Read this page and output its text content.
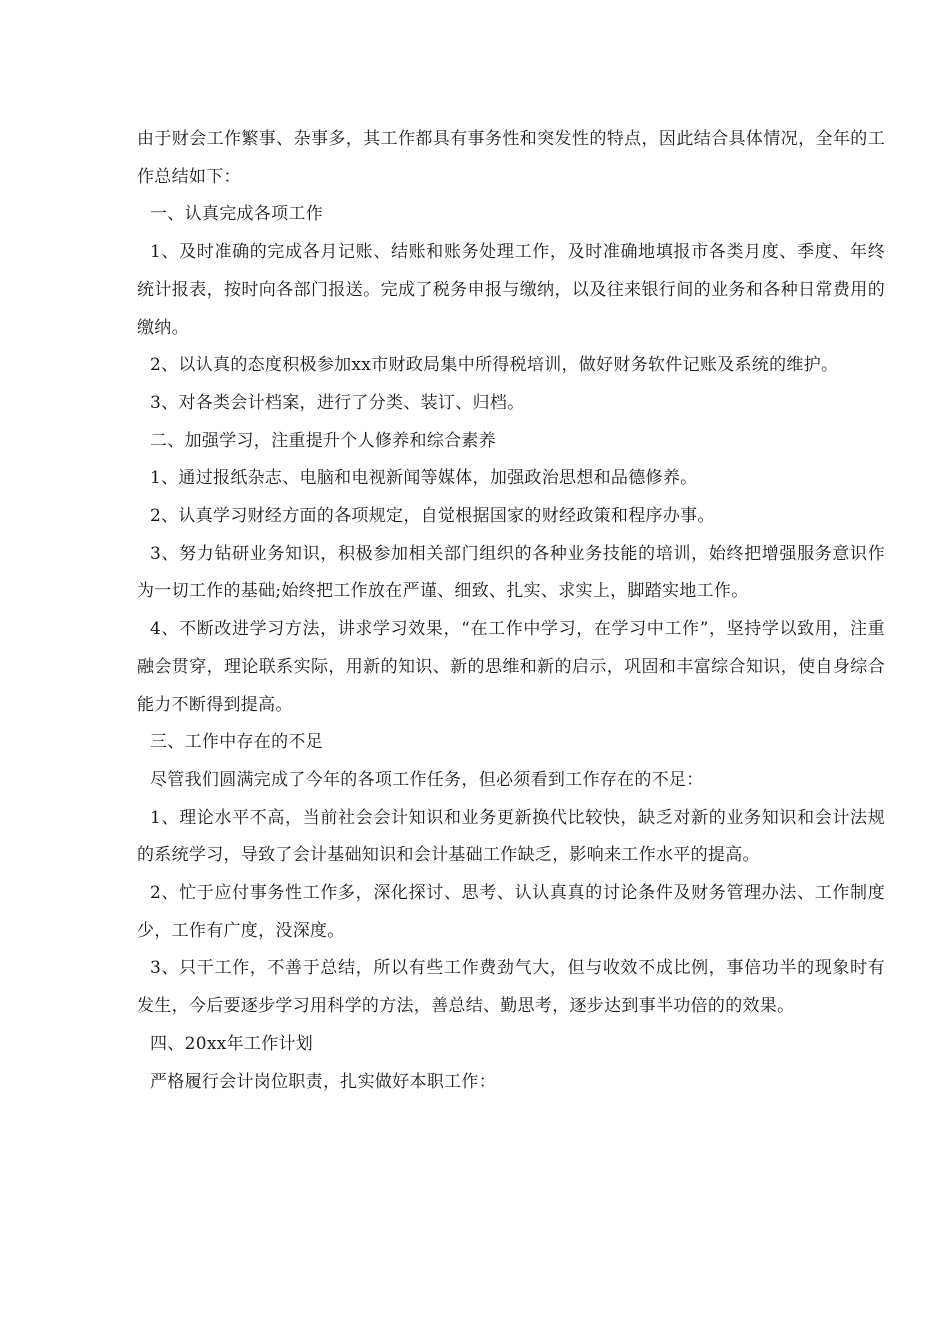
由于财会工作繁事、杂事多，其工作都具有事务性和突发性的特点，因此结合具体情况，全年的工作总结如下：

一、认真完成各项工作

1、及时准确的完成各月记账、结账和账务处理工作，及时准确地填报市各类月度、季度、年终统计报表，按时向各部门报送。完成了税务申报与缴纳，以及往来银行间的业务和各种日常费用的缴纳。

2、以认真的态度积极参加xx市财政局集中所得税培训，做好财务软件记账及系统的维护。

3、对各类会计档案，进行了分类、装订、归档。

二、加强学习，注重提升个人修养和综合素养

1、通过报纸杂志、电脑和电视新闻等媒体，加强政治思想和品德修养。

2、认真学习财经方面的各项规定，自觉根据国家的财经政策和程序办事。

3、努力钻研业务知识，积极参加相关部门组织的各种业务技能的培训，始终把增强服务意识作为一切工作的基础;始终把工作放在严谨、细致、扎实、求实上，脚踏实地工作。

4、不断改进学习方法，讲求学习效果，“在工作中学习，在学习中工作”，坚持学以致用，注重融会贯穿，理论联系实际，用新的知识、新的思维和新的启示，巩固和丰富综合知识，使自身综合能力不断得到提高。

三、工作中存在的不足

尽管我们圆满完成了今年的各项工作任务，但必须看到工作存在的不足：

1、理论水平不高，当前社会会计知识和业务更新换代比较快，缺乏对新的业务知识和会计法规的系统学习，导致了会计基础知识和会计基础工作缺乏，影响来工作水平的提高。

2、忙于应付事务性工作多，深化探讨、思考、认认真真的讨论条件及财务管理办法、工作制度少，工作有广度，没深度。

3、只干工作，不善于总结，所以有些工作费劲气大，但与收效不成比例，事倍功半的现象时有发生，今后要逐步学习用科学的方法，善总结、勤思考，逐步达到事半功倍的的效果。

四、20xx年工作计划

严格履行会计岗位职责，扎实做好本职工作：
